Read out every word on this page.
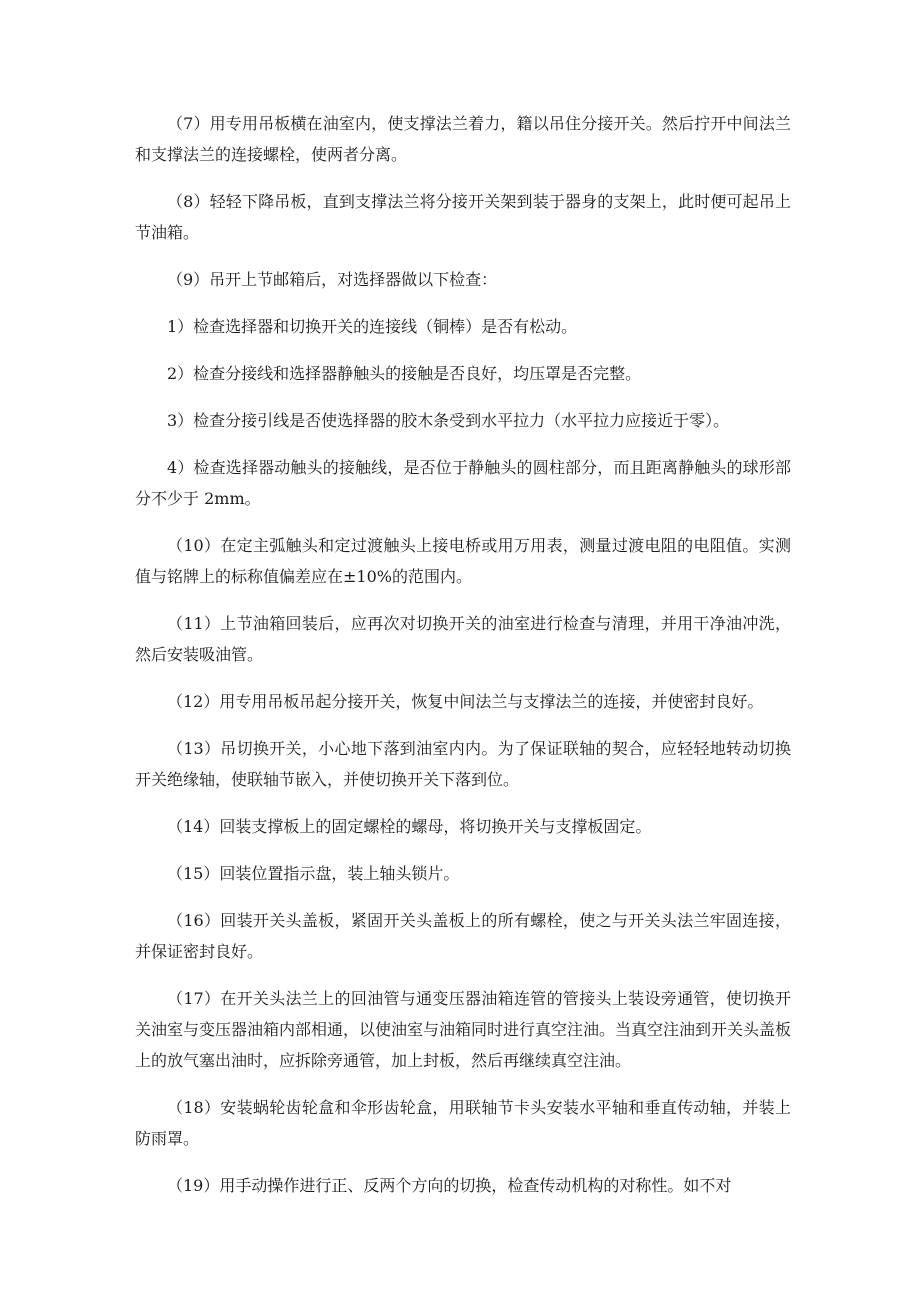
（7）用专用吊板横在油室内，使支撑法兰着力，籍以吊住分接开关。然后拧开中间法兰和支撑法兰的连接螺栓，使两者分离。

（8）轻轻下降吊板，直到支撑法兰将分接开关架到装于器身的支架上，此时便可起吊上节油箱。

（9）吊开上节邮箱后，对选择器做以下检查：

1）检查选择器和切换开关的连接线（铜棒）是否有松动。

2）检查分接线和选择器静触头的接触是否良好，均压罩是否完整。

3）检查分接引线是否使选择器的胶木条受到水平拉力（水平拉力应接近于零）。

4）检查选择器动触头的接触线，是否位于静触头的圆柱部分，而且距离静触头的球形部分不少于 2mm。

（10）在定主弧触头和定过渡触头上接电桥或用万用表，测量过渡电阻的电阻值。实测值与铭牌上的标称值偏差应在±10%的范围内。

（11）上节油箱回装后，应再次对切换开关的油室进行检查与清理，并用干净油冲洗，然后安装吸油管。

（12）用专用吊板吊起分接开关，恢复中间法兰与支撑法兰的连接，并使密封良好。

（13）吊切换开关，小心地下落到油室内内。为了保证联轴的契合，应轻轻地转动切换开关绝缘轴，使联轴节嵌入，并使切换开关下落到位。

（14）回装支撑板上的固定螺栓的螺母，将切换开关与支撑板固定。

（15）回装位置指示盘，装上轴头锁片。

（16）回装开关头盖板，紧固开关头盖板上的所有螺栓，使之与开关头法兰牢固连接，并保证密封良好。

（17）在开关头法兰上的回油管与通变压器油箱连管的管接头上装设旁通管，使切换开关油室与变压器油箱内部相通，以使油室与油箱同时进行真空注油。当真空注油到开关头盖板上的放气塞出油时，应拆除旁通管，加上封板，然后再继续真空注油。

（18）安装蜗轮齿轮盒和伞形齿轮盒，用联轴节卡头安装水平轴和垂直传动轴，并装上防雨罩。

（19）用手动操作进行正、反两个方向的切换，检查传动机构的对称性。如不对
